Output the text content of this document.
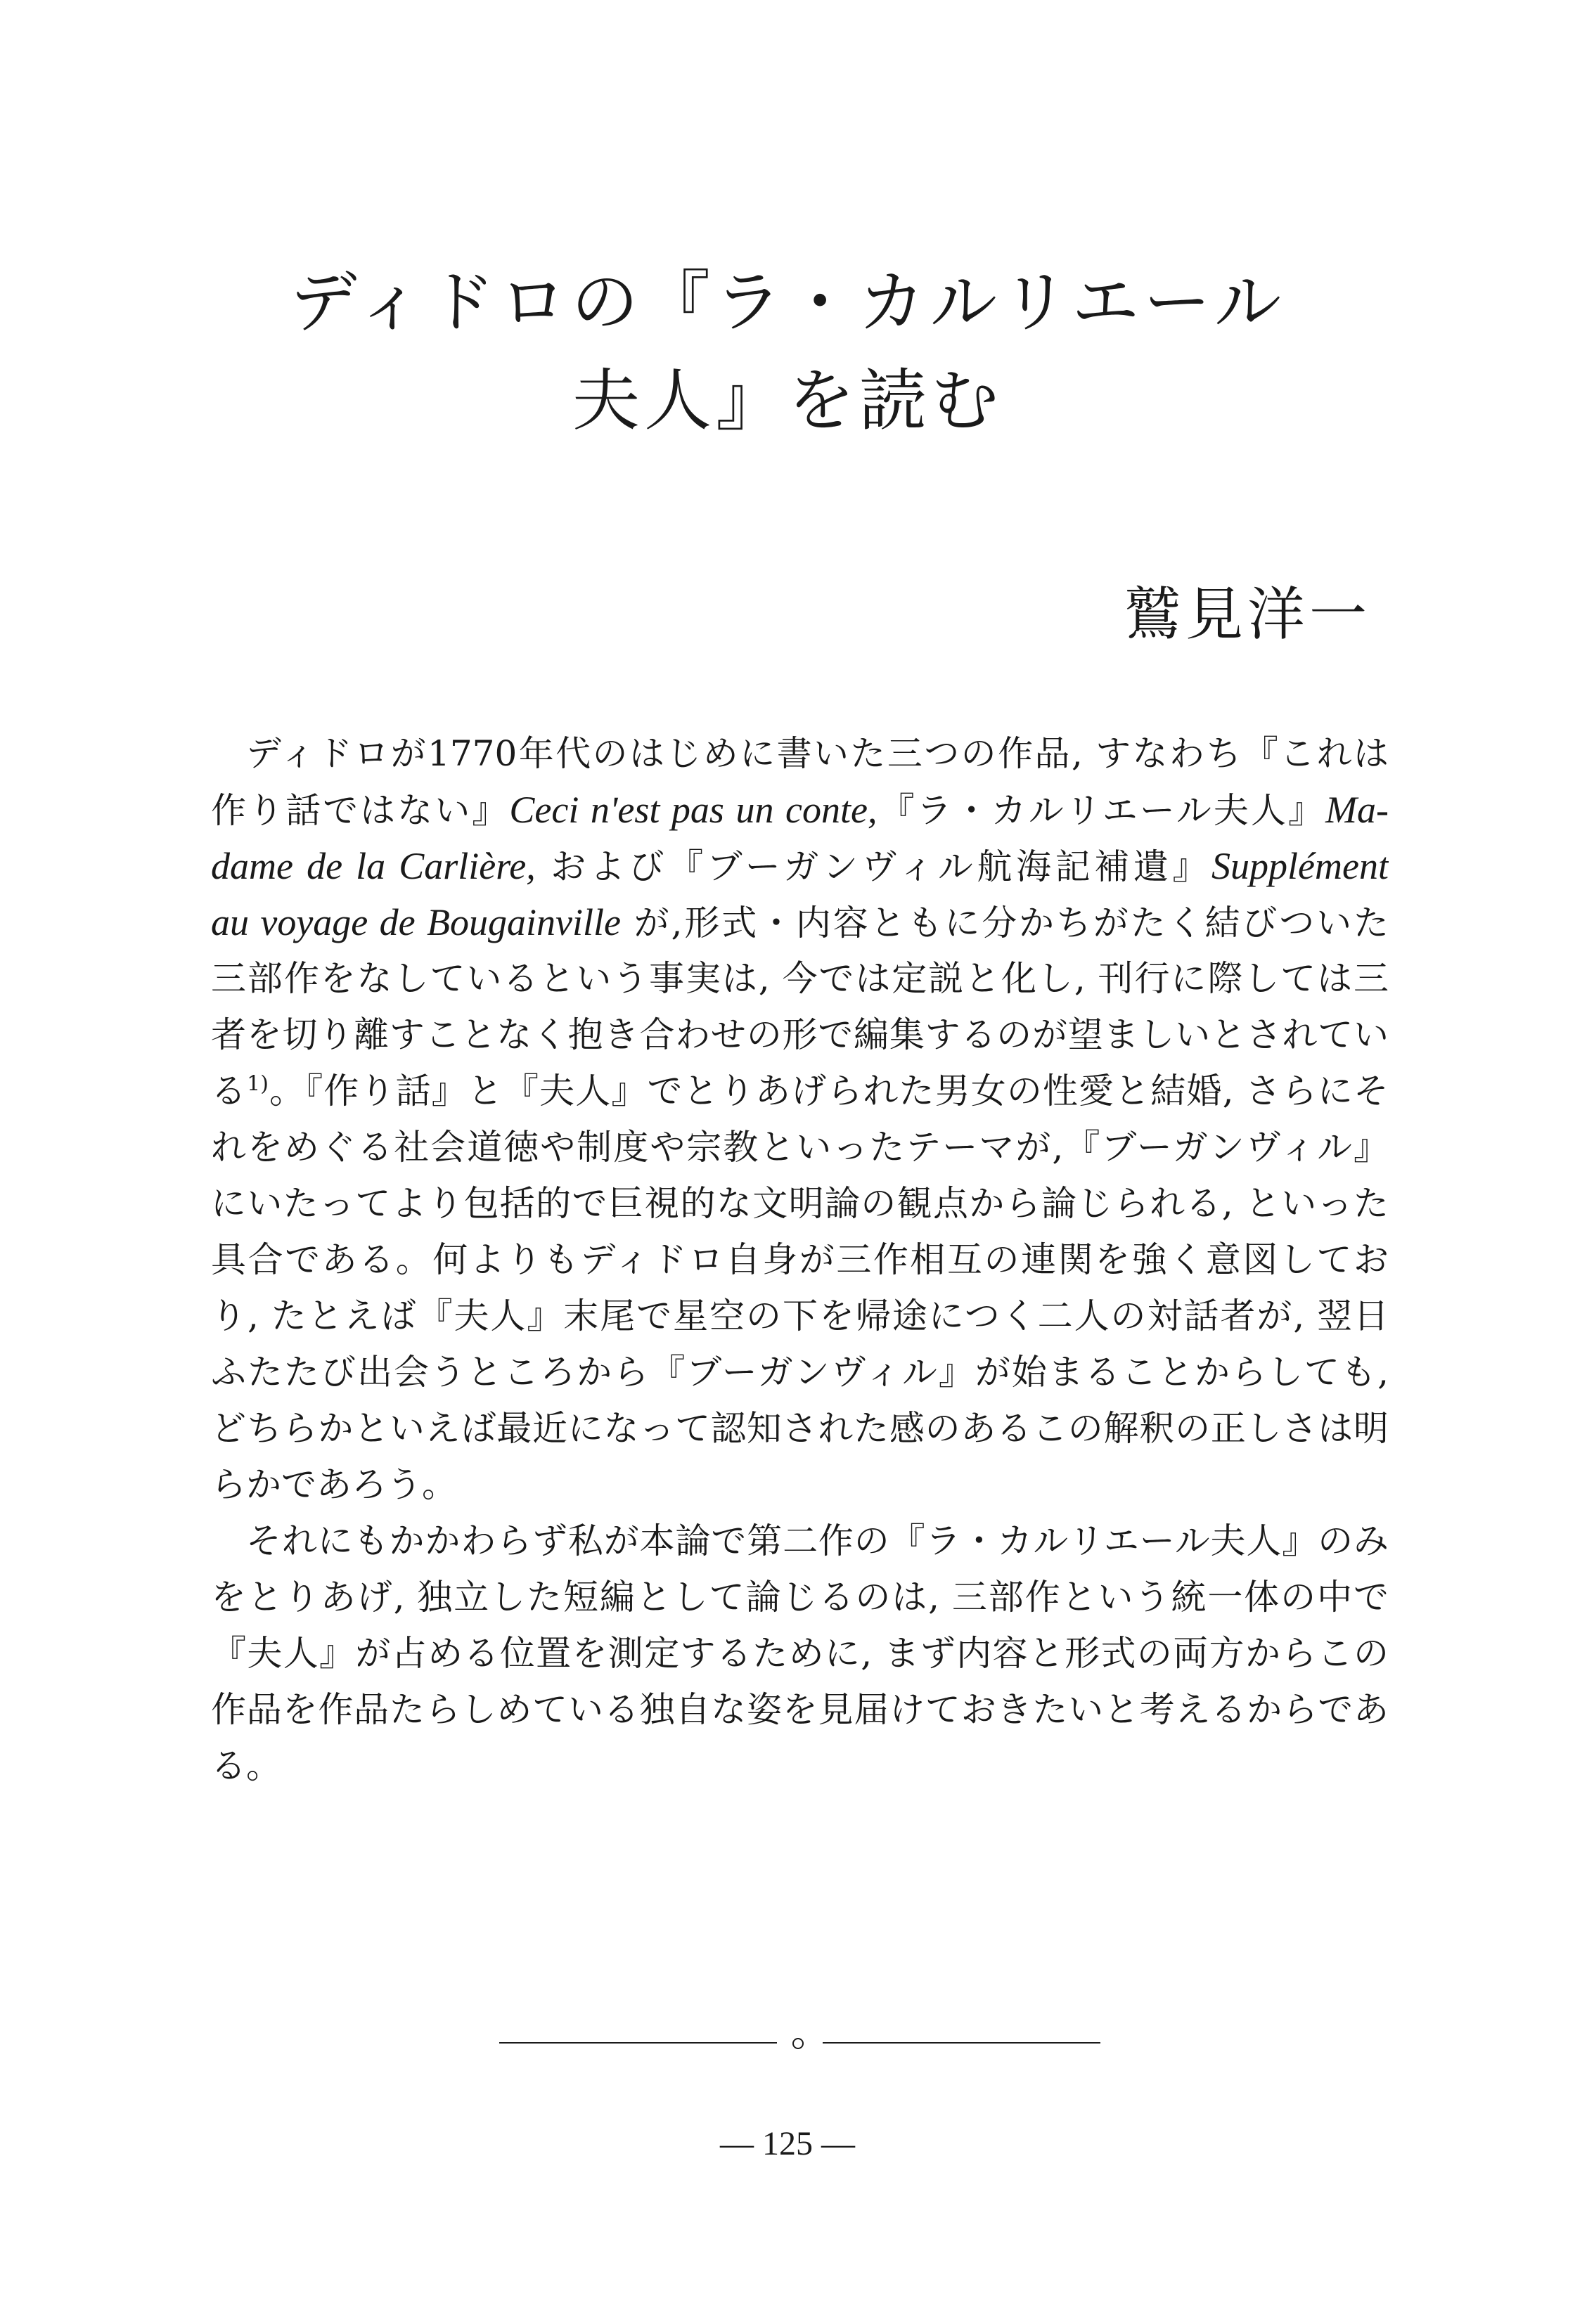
ディドロの『ラ・カルリエール
夫人』を読む
鷲見洋一
ディドロが1770年代のはじめに書いた三つの作品, すなわち『これは
作り話ではない』Ceci n'est pas un conte,『ラ・カルリエール夫人』Ma-
dame de la Carlière, および『ブーガンヴィル航海記補遺』Supplément
au voyage de Bougainville が,形式・内容ともに分かちがたく結びついた
三部作をなしているという事実は, 今では定説と化し, 刊行に際しては三
者を切り離すことなく抱き合わせの形で編集するのが望ましいとされてい
る$^{1)}$。『作り話』と『夫人』でとりあげられた男女の性愛と結婚, さらにそ
れをめぐる社会道徳や制度や宗教といったテーマが,『ブーガンヴィル』
にいたってより包括的で巨視的な文明論の観点から論じられる, といった
具合である。何よりもディドロ自身が三作相互の連関を強く意図してお
り, たとえば『夫人』末尾で星空の下を帰途につく二人の対話者が, 翌日
ふたたび出会うところから『ブーガンヴィル』が始まることからしても,
どちらかといえば最近になって認知された感のあるこの解釈の正しさは明
らかであろう。
それにもかかわらず私が本論で第二作の『ラ・カルリエール夫人』のみ
をとりあげ, 独立した短編として論じるのは, 三部作という統一体の中で
『夫人』が占める位置を測定するために, まず内容と形式の両方からこの
作品を作品たらしめている独自な姿を見届けておきたいと考えるからであ
る。
— 125 —
